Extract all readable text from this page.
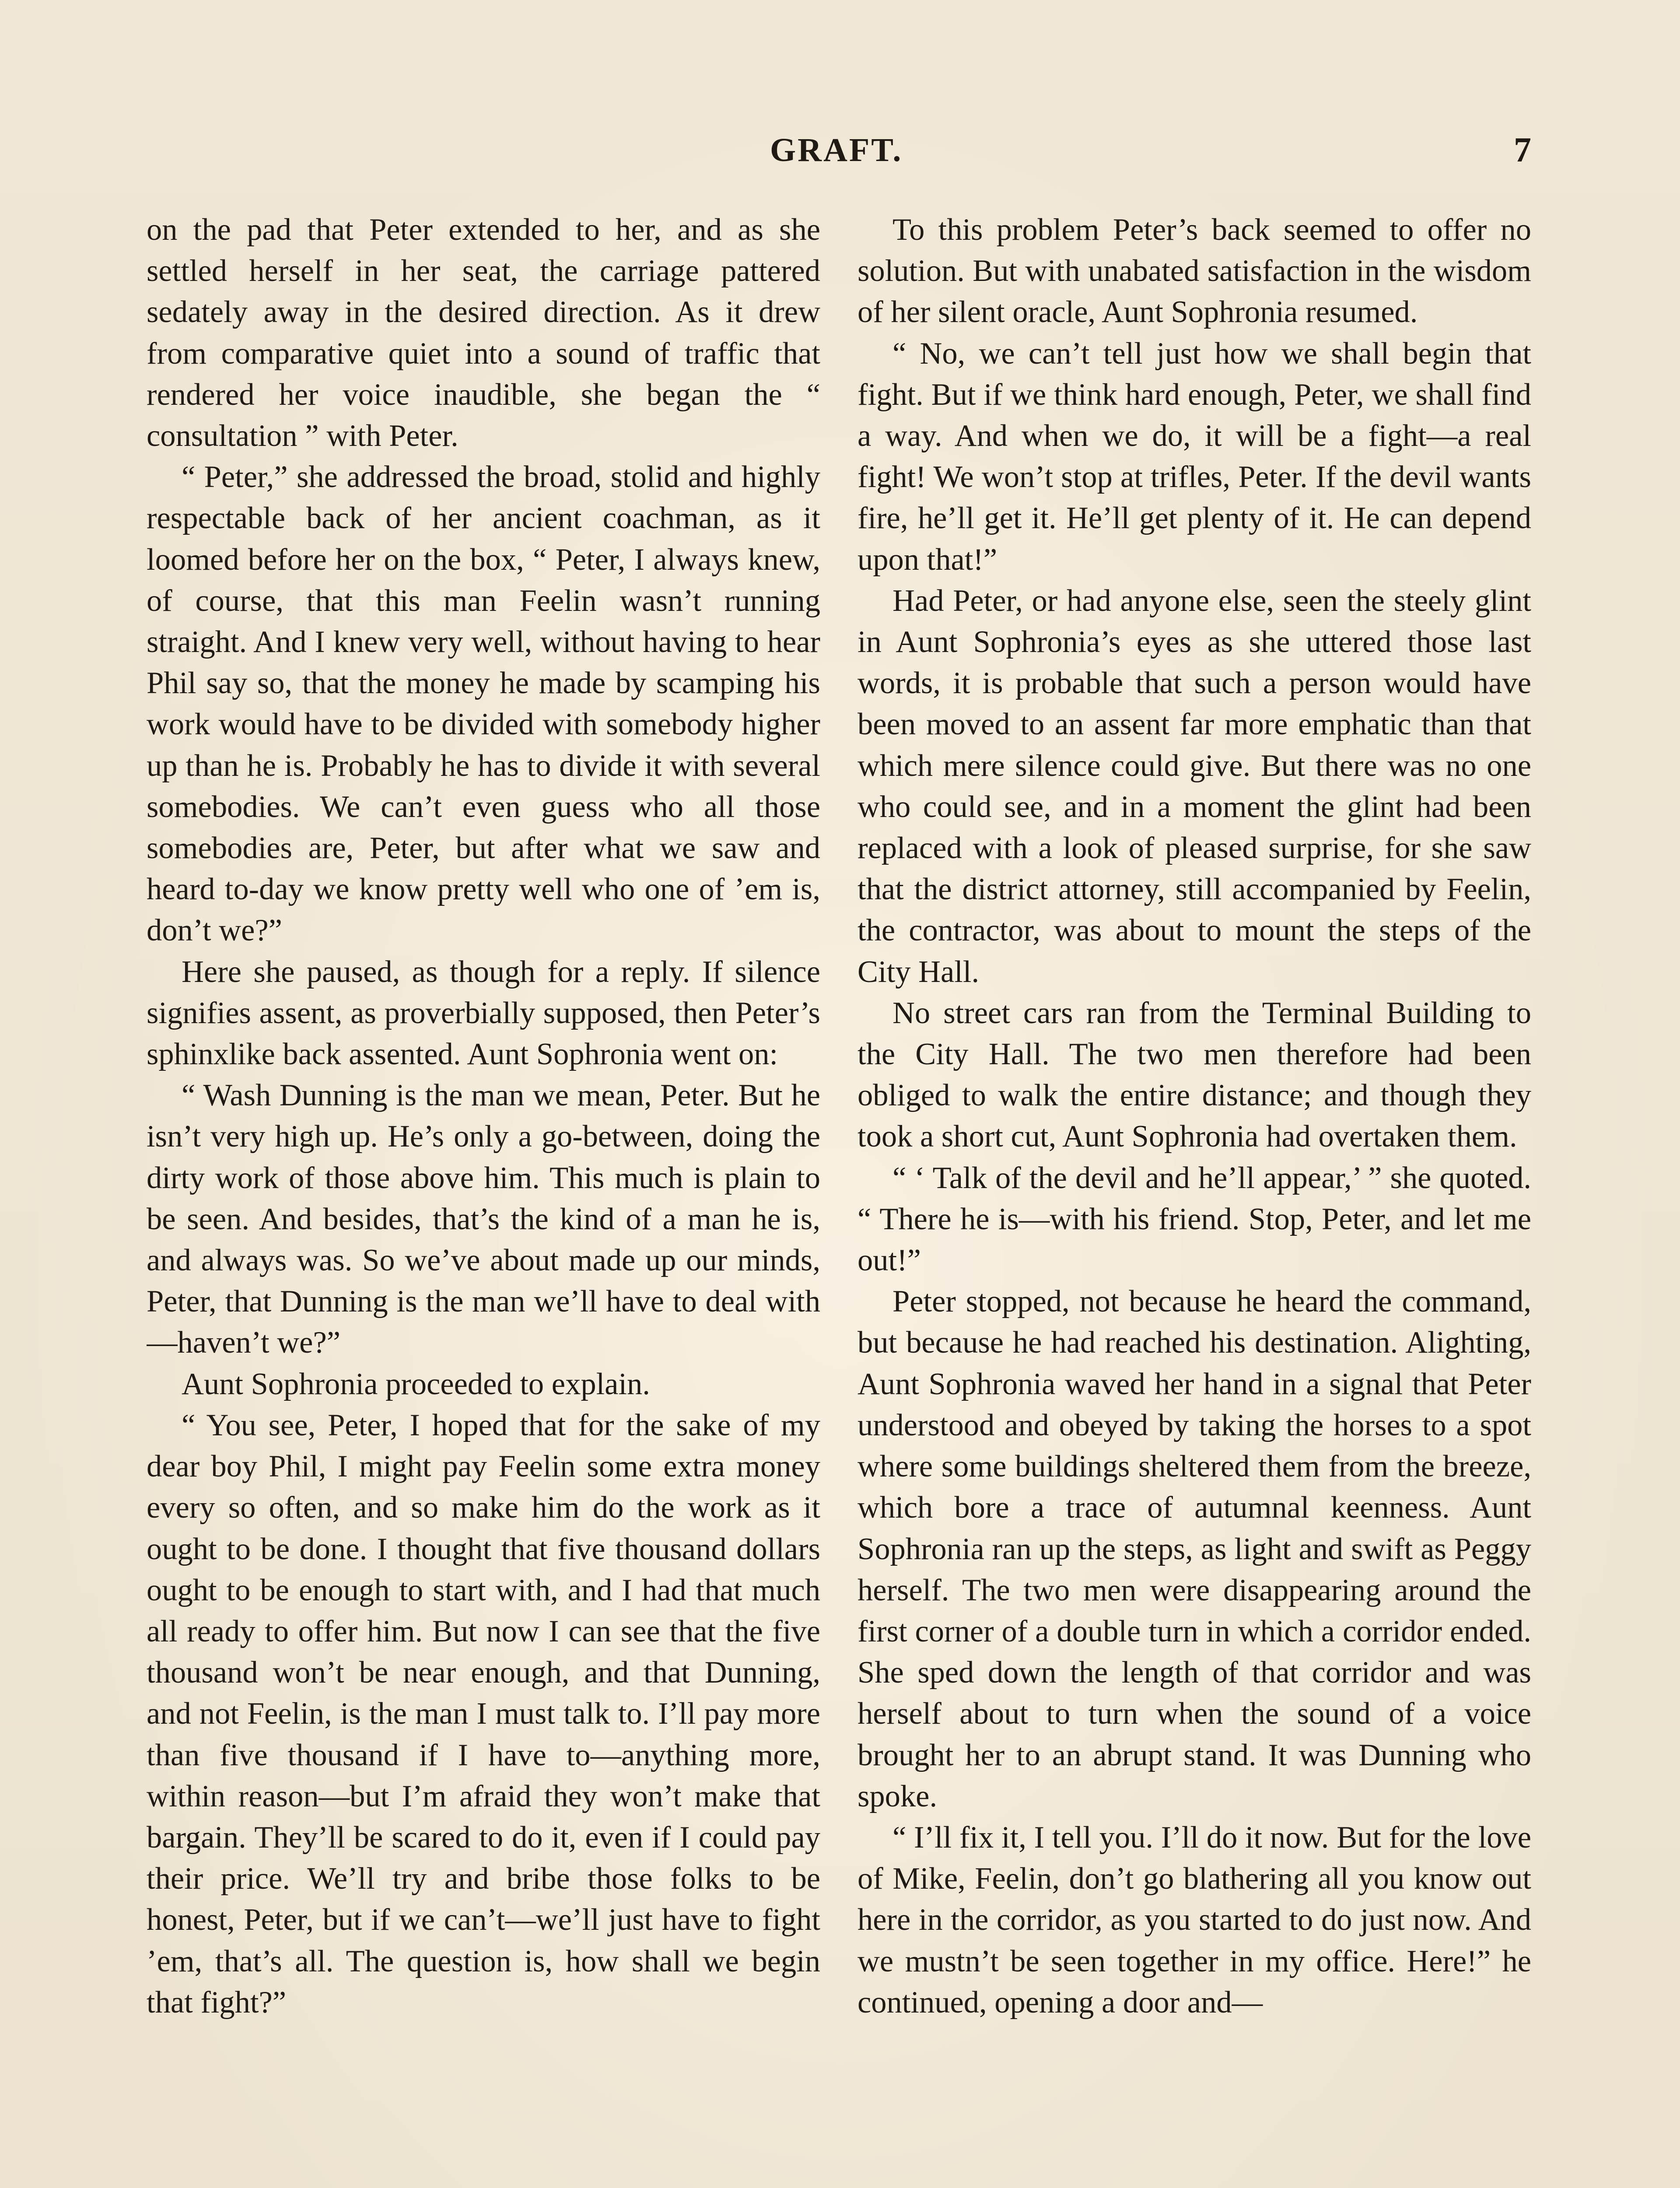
GRAFT.	7

on the pad that Peter extended to her, and as she settled herself in her seat, the carriage pattered sedately away in the desired direction. As it drew from comparative quiet into a sound of traffic that rendered her voice inaudible, she began the “ consultation ” with Peter.

“ Peter,” she addressed the broad, stolid and highly respectable back of her ancient coachman, as it loomed before her on the box, “ Peter, I always knew, of course, that this man Feelin wasn’t running straight. And I knew very well, without having to hear Phil say so, that the money he made by scamping his work would have to be divided with somebody higher up than he is. Probably he has to divide it with several somebodies. We can’t even guess who all those somebodies are, Peter, but after what we saw and heard to-day we know pretty well who one of ’em is, don’t we?”

Here she paused, as though for a reply. If silence signifies assent, as proverbially supposed, then Peter’s sphinxlike back assented. Aunt Sophronia went on:

“ Wash Dunning is the man we mean, Peter. But he isn’t very high up. He’s only a go-between, doing the dirty work of those above him. This much is plain to be seen. And besides, that’s the kind of a man he is, and always was. So we’ve about made up our minds, Peter, that Dunning is the man we’ll have to deal with—haven’t we?”

Aunt Sophronia proceeded to explain.

“ You see, Peter, I hoped that for the sake of my dear boy Phil, I might pay Feelin some extra money every so often, and so make him do the work as it ought to be done. I thought that five thousand dollars ought to be enough to start with, and I had that much all ready to offer him. But now I can see that the five thousand won’t be near enough, and that Dunning, and not Feelin, is the man I must talk to. I’ll pay more than five thousand if I have to—anything more, within reason—but I’m afraid they won’t make that bargain. They’ll be scared to do it, even if I could pay their price. We’ll try and bribe those folks to be honest, Peter, but if we can’t—we’ll just have to fight ’em, that’s all. The question is, how shall we begin that fight?”

To this problem Peter’s back seemed to offer no solution. But with unabated satisfaction in the wisdom of her silent oracle, Aunt Sophronia resumed.

“ No, we can’t tell just how we shall begin that fight. But if we think hard enough, Peter, we shall find a way. And when we do, it will be a fight—a real fight! We won’t stop at trifles, Peter. If the devil wants fire, he’ll get it. He’ll get plenty of it. He can depend upon that!”

Had Peter, or had anyone else, seen the steely glint in Aunt Sophronia’s eyes as she uttered those last words, it is probable that such a person would have been moved to an assent far more emphatic than that which mere silence could give. But there was no one who could see, and in a moment the glint had been replaced with a look of pleased surprise, for she saw that the district attorney, still accompanied by Feelin, the contractor, was about to mount the steps of the City Hall.

No street cars ran from the Terminal Building to the City Hall. The two men therefore had been obliged to walk the entire distance; and though they took a short cut, Aunt Sophronia had overtaken them.

“ ‘ Talk of the devil and he’ll appear,’ ” she quoted. “ There he is—with his friend. Stop, Peter, and let me out!”

Peter stopped, not because he heard the command, but because he had reached his destination. Alighting, Aunt Sophronia waved her hand in a signal that Peter understood and obeyed by taking the horses to a spot where some buildings sheltered them from the breeze, which bore a trace of autumnal keenness. Aunt Sophronia ran up the steps, as light and swift as Peggy herself. The two men were disappearing around the first corner of a double turn in which a corridor ended. She sped down the length of that corridor and was herself about to turn when the sound of a voice brought her to an abrupt stand. It was Dunning who spoke.

“ I’ll fix it, I tell you. I’ll do it now. But for the love of Mike, Feelin, don’t go blathering all you know out here in the corridor, as you started to do just now. And we mustn’t be seen together in my office. Here!” he continued, opening a door and—
